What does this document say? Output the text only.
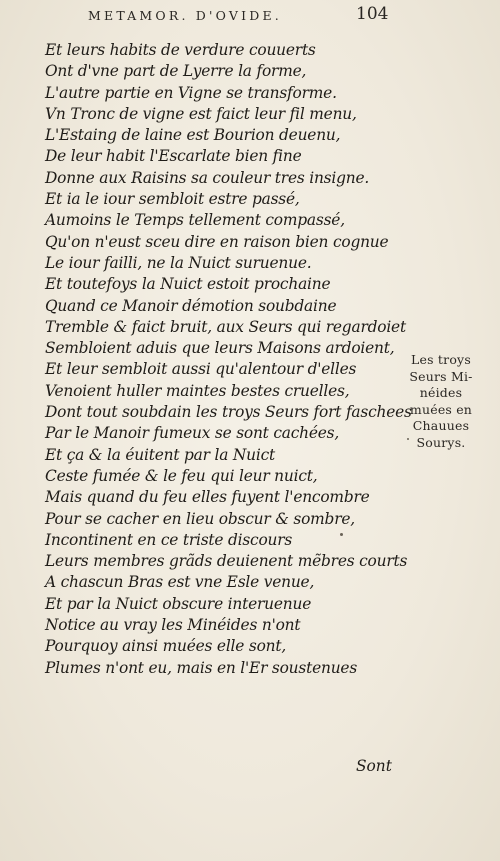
METAMOR. D'OVIDE.	104
Et leurs habits de verdure couuerts
Ont d'vne part de Lyerre la forme,
L'autre partie en Vigne se transforme.
Vn Tronc de vigne est faict leur fil menu,
L'Estaing de laine est Bourion deuenu,
De leur habit l'Escarlate bien fine
Donne aux Raisins sa couleur tres insigne.
Et ia le iour sembloit estre passé,
Aumoins le Temps tellement compassé,
Qu'on n'eust sceu dire en raison bien cognue
Le iour failli, ne la Nuict suruenue.
Et toutefoys la Nuict estoit prochaine
Quand ce Manoir démotion soubdaine
Tremble & faict bruit, aux Seurs qui regardoiet
Sembloient aduis que leurs Maisons ardoient,
Et leur sembloit aussi qu'alentour d'elles
Venoient huller maintes bestes cruelles,
Dont tout soubdain les troys Seurs fort faschees
Par le Manoir fumeux se sont cachées,
Et ça & la éuitent par la Nuict
Ceste fumée & le feu qui leur nuict,
Mais quand du feu elles fuyent l'encombre
Pour se cacher en lieu obscur & sombre,
Incontinent en ce triste discours
Leurs membres grãds deuienent mẽbres courts
A chascun Bras est vne Esle venue,
Et par la Nuict obscure interuenue
Notice au vray les Minéides n'ont
Pourquoy ainsi muées elle sont,
Plumes n'ont eu, mais en l'Er soustenues
Sont
Les troys
Seurs Mi-
néides
muées en
Chauues
Sourys.
